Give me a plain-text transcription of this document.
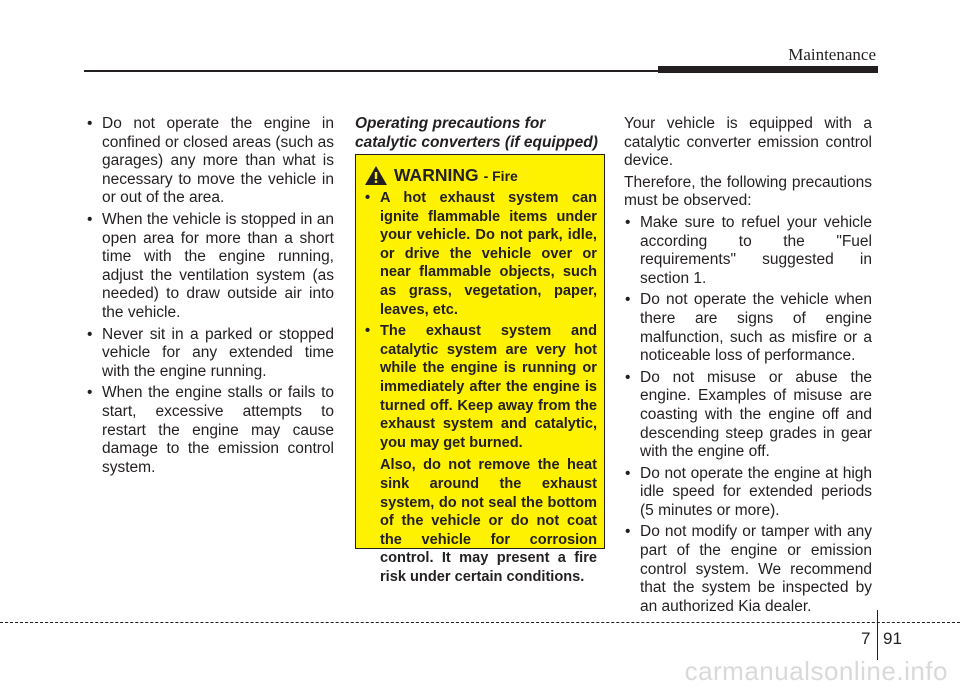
Maintenance
• Do not operate the engine in confined or closed areas (such as garages) any more than what is necessary to move the vehicle in or out of the area.
• When the vehicle is stopped in an open area for more than a short time with the engine running, adjust the ventilation system (as needed) to draw outside air into the vehicle.
• Never sit in a parked or stopped vehicle for any extended time with the engine running.
• When the engine stalls or fails to start, excessive attempts to restart the engine may cause damage to the emission control system.

Operating precautions for catalytic converters (if equipped)

WARNING - Fire
• A hot exhaust system can ignite flammable items under your vehicle. Do not park, idle, or drive the vehicle over or near flammable objects, such as grass, vegetation, paper, leaves, etc.
• The exhaust system and catalytic system are very hot while the engine is running or immediately after the engine is turned off. Keep away from the exhaust system and catalytic, you may get burned.
Also, do not remove the heat sink around the exhaust system, do not seal the bottom of the vehicle or do not coat the vehicle for corrosion control. It may present a fire risk under certain conditions.

Your vehicle is equipped with a catalytic converter emission control device.

Therefore, the following precautions must be observed:

• Make sure to refuel your vehicle according to the "Fuel requirements" suggested in section 1.
• Do not operate the vehicle when there are signs of engine malfunction, such as misfire or a noticeable loss of performance.
• Do not misuse or abuse the engine. Examples of misuse are coasting with the engine off and descending steep grades in gear with the engine off.
• Do not operate the engine at high idle speed for extended periods (5 minutes or more).
• Do not modify or tamper with any part of the engine or emission control system. We recommend that the system be inspected by an authorized Kia dealer.
7 91
carmanualsonline.info
